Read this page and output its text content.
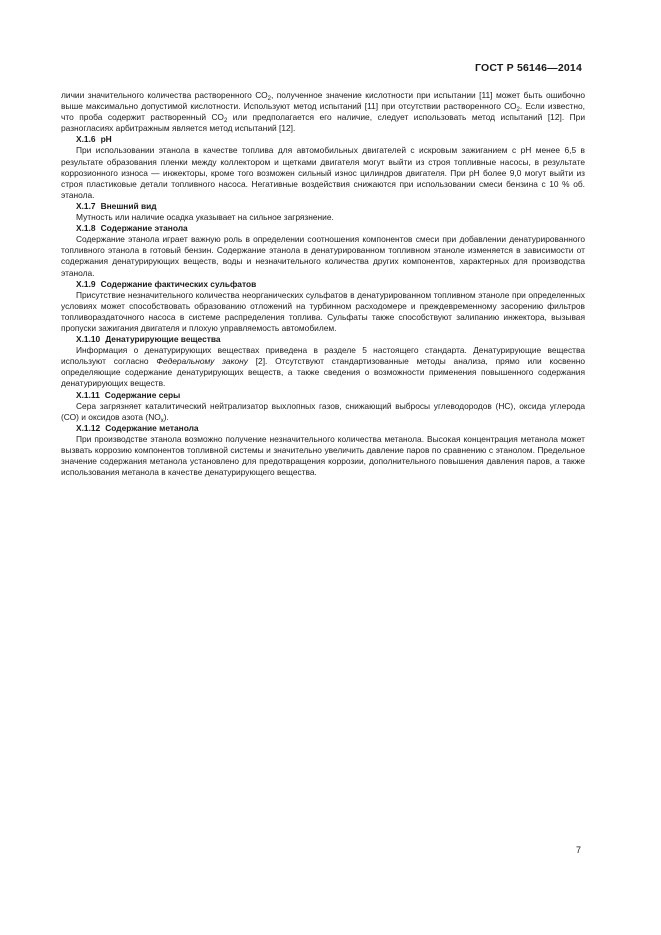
ГОСТ Р 56146—2014

личии значительного количества растворенного $СО_2$, полученное значение кислотности при испытании [11] может быть ошибочно выше максимально допустимой кислотности. Используют метод испытаний [11] при отсутствии растворенного $СО_2$. Если известно, что проба содержит растворенный $СО_2$ или предполагается его наличие, следует использовать метод испытаний [12]. При разногласиях арбитражным является метод испытаний [12].

X.1.6 рН

При использовании этанола в качестве топлива для автомобильных двигателей с искровым зажиганием с рН менее 6,5 в результате образования пленки между коллектором и щетками двигателя могут выйти из строя топливные насосы, в результате коррозионного износа — инжекторы, кроме того возможен сильный износ цилиндров двигателя. При рН более 9,0 могут выйти из строя пластиковые детали топливного насоса. Негативные воздействия снижаются при использовании смеси бензина с 10 % об. этанола.

X.1.7 Внешний вид

Мутность или наличие осадка указывает на сильное загрязнение.

X.1.8 Содержание этанола

Содержание этанола играет важную роль в определении соотношения компонентов смеси при добавлении денатурированного топливного этанола в готовый бензин. Содержание этанола в денатурированном топливном этаноле изменяется в зависимости от содержания денатурирующих веществ, воды и незначительного количества других компонентов, характерных для производства этанола.

X.1.9 Содержание фактических сульфатов

Присутствие незначительного количества неорганических сульфатов в денатурированном топливном этаноле при определенных условиях может способствовать образованию отложений на турбинном расходомере и преждевременному засорению фильтров топливораздаточного насоса в системе распределения топлива. Сульфаты также способствуют залипанию инжектора, вызывая пропуски зажигания двигателя и плохую управляемость автомобилем.

X.1.10 Денатурирующие вещества

Информация о денатурирующих веществах приведена в разделе 5 настоящего стандарта. Денатурирующие вещества используют согласно Федеральному закону [2]. Отсутствуют стандартизованные методы анализа, прямо или косвенно определяющие содержание денатурирующих веществ, а также сведения о возможности применения повышенного содержания денатурирующих веществ.

X.1.11 Содержание серы

Сера загрязняет каталитический нейтрализатор выхлопных газов, снижающий выбросы углеводородов (НС), оксида углерода (СО) и оксидов азота $(NO_x)$.

X.1.12 Содержание метанола

При производстве этанола возможно получение незначительного количества метанола. Высокая концентрация метанола может вызвать коррозию компонентов топливной системы и значительно увеличить давление паров по сравнению с этанолом. Предельное значение содержания метанола установлено для предотвращения коррозии, дополнительного повышения давления паров, а также использования метанола в качестве денатурирующего вещества.

7
